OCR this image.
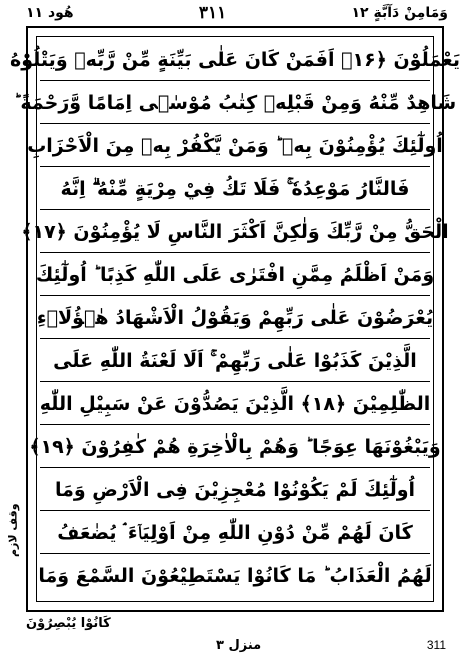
هُود ۱۱	۳۱۱	وَمَامِنْ دَآبَّةٍ ۱۲
يَعْمَلُوْنَ ﴿۱۶﴾ اَفَمَنْ كَانَ عَلٰى بَيِّنَةٍ مِّنْ رَّبِّهٖ وَيَتْلُوْهُ
شَاهِدٌ مِّنْهُ وَمِنْ قَبْلِهٖ كِتٰبُ مُوْسٰۤى اِمَامًا وَّرَحْمَةً ؕ
اُولٰٓئِكَ يُؤْمِنُوْنَ بِهٖ ؕ وَمَنْ يَّكْفُرْ بِهٖ مِنَ الْاَحْزَابِ
فَالنَّارُ مَوْعِدُهٗ ۚ فَلَا تَكُ فِيْ مِرْيَةٍ مِّنْهُ ۗ اِنَّهُ
الْحَقُّ مِنْ رَّبِّكَ وَلٰكِنَّ اَكْثَرَ النَّاسِ لَا يُؤْمِنُوْنَ ﴿۱۷﴾
وَمَنْ اَظْلَمُ مِمَّنِ افْتَرٰى عَلَى اللّٰهِ كَذِبًا ؕ اُولٰٓئِكَ
يُعْرَضُوْنَ عَلٰى رَبِّهِمْ وَيَقُوْلُ الْاَشْهَادُ هٰۤؤُلَاۤءِ
الَّذِيْنَ كَذَبُوْا عَلٰى رَبِّهِمْ ۚ اَلَا لَعْنَةُ اللّٰهِ عَلَى
الظّٰلِمِيْنَ ﴿۱۸﴾ الَّذِيْنَ يَصُدُّوْنَ عَنْ سَبِيْلِ اللّٰهِ
وَيَبْغُوْنَهَا عِوَجًا ؕ وَهُمْ بِالْاٰخِرَةِ هُمْ كٰفِرُوْنَ ﴿۱۹﴾
اُولٰٓئِكَ لَمْ يَكُوْنُوْا مُعْجِزِيْنَ فِى الْاَرْضِ وَمَا
كَانَ لَهُمْ مِّنْ دُوْنِ اللّٰهِ مِنْ اَوْلِيَاۤءَ ۘ يُضٰعَفُ
لَهُمُ الْعَذَابُ ؕ مَا كَانُوْا يَسْتَطِيْعُوْنَ السَّمْعَ وَمَا
وقف لازم
كَانُوْا يُبْصِرُوْنَ
منزل ۳	311
